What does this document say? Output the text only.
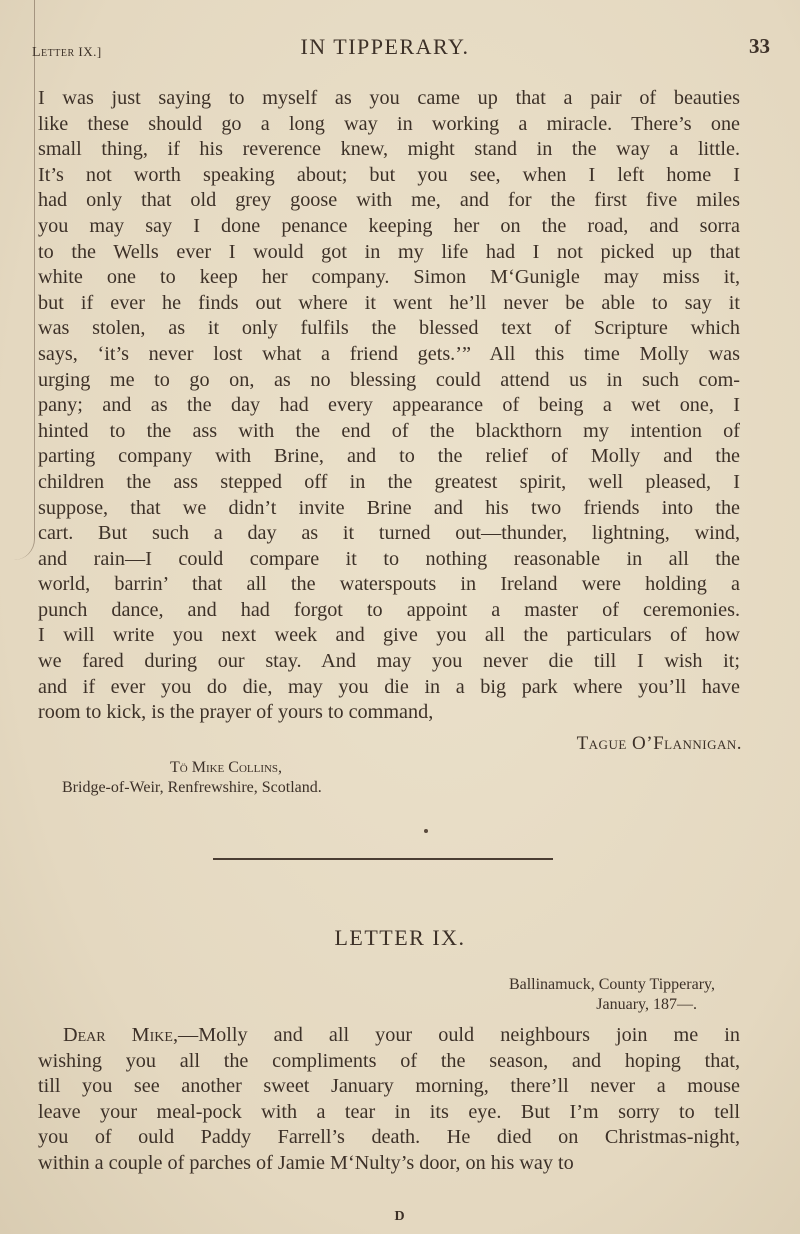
Letter IX.]	IN TIPPERARY.	33
I was just saying to myself as you came up that a pair of beauties
like these should go a long way in working a miracle. There’s one
small thing, if his reverence knew, might stand in the way a little.
It’s not worth speaking about; but you see, when I left home I
had only that old grey goose with me, and for the first five miles
you may say I done penance keeping her on the road, and sorra
to the Wells ever I would got in my life had I not picked up that
white one to keep her company. Simon M‘Gunigle may miss it,
but if ever he finds out where it went he’ll never be able to say it
was stolen, as it only fulfils the blessed text of Scripture which
says, ‘it’s never lost what a friend gets.’” All this time Molly was
urging me to go on, as no blessing could attend us in such com-
pany; and as the day had every appearance of being a wet one, I
hinted to the ass with the end of the blackthorn my intention of
parting company with Brine, and to the relief of Molly and the
children the ass stepped off in the greatest spirit, well pleased, I
suppose, that we didn’t invite Brine and his two friends into the
cart. But such a day as it turned out—thunder, lightning, wind,
and rain—I could compare it to nothing reasonable in all the
world, barrin’ that all the waterspouts in Ireland were holding a
punch dance, and had forgot to appoint a master of ceremonies.
I will write you next week and give you all the particulars of how
we fared during our stay. And may you never die till I wish it;
and if ever you do die, may you die in a big park where you’ll have
room to kick, is the prayer of yours to command,
Tague O’Flannigan.
Tö Mike Collins,
Bridge-of-Weir, Renfrewshire, Scotland.
LETTER IX.
Ballinamuck, County Tipperary,
January, 187—.
Dear Mike,—Molly and all your ould neighbours join me in
wishing you all the compliments of the season, and hoping that,
till you see another sweet January morning, there’ll never a mouse
leave your meal-pock with a tear in its eye. But I’m sorry to tell
you of ould Paddy Farrell’s death. He died on Christmas-night,
within a couple of parches of Jamie M‘Nulty’s door, on his way to
D
